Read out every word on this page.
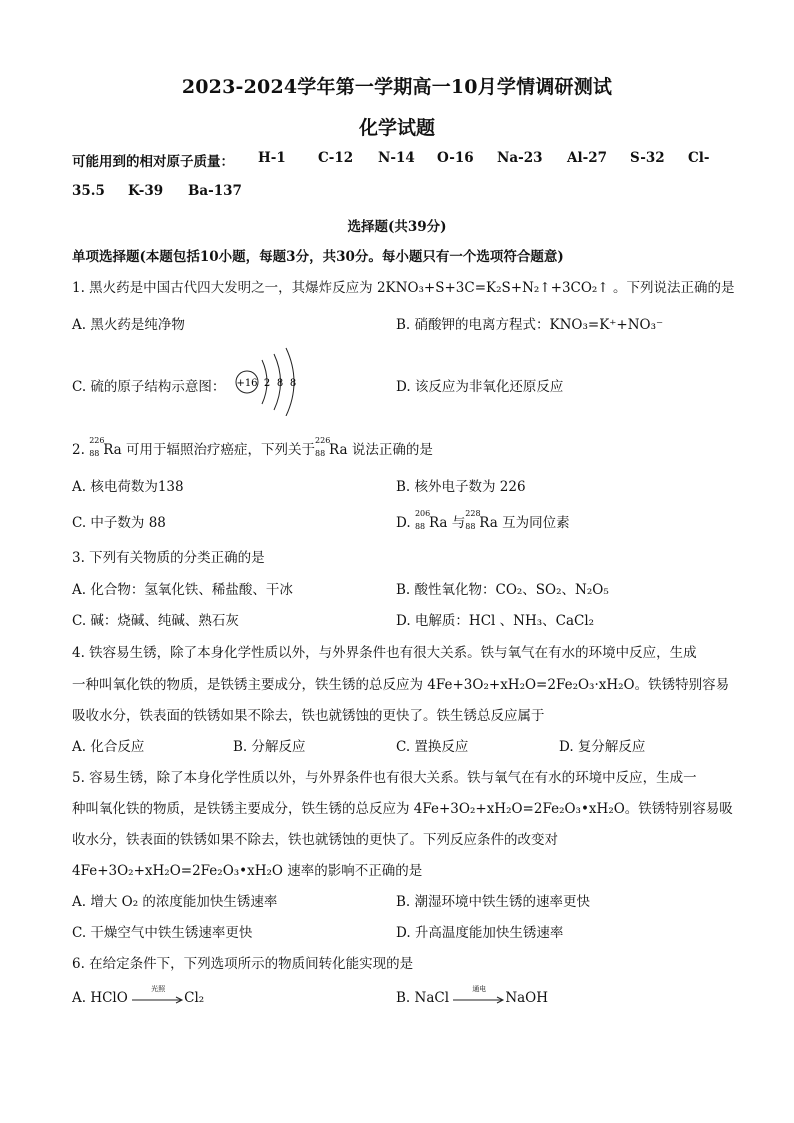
2023-2024学年第一学期高一10月学情调研测试
化学试题
可能用到的相对原子质量： H-1 C-12 N-14 O-16 Na-23 Al-27 S-32 Cl-
35.5 K-39 Ba-137
选择题(共39分)
单项选择题(本题包括10小题，每题3分，共30分。每小题只有一个选项符合题意)
1. 黑火药是中国古代四大发明之一，其爆炸反应为 2KNO₃+S+3C=K₂S+N₂↑+3CO₂↑ 。下列说法正确的是
A. 黑火药是纯净物	B. 硝酸钾的电离方程式：KNO₃=K⁺+NO₃⁻
C. 硫的原子结构示意图： +16 2 8 8	D. 该反应为非氧化还原反应
2.
226
88 Ra 可用于辐照治疗癌症，下列关于
226
88 Ra 说法正确的是
A. 核电荷数为138	B. 核外电子数为 226
C. 中子数为 88	D.
206
88 Ra 与
228
88 Ra 互为同位素
3. 下列有关物质的分类正确的是
A. 化合物：氢氧化铁、稀盐酸、干冰	B. 酸性氧化物：CO₂、SO₂、N₂O₅
C. 碱：烧碱、纯碱、熟石灰	D. 电解质：HCl 、NH₃、CaCl₂
4. 铁容易生锈，除了本身化学性质以外，与外界条件也有很大关系。铁与氧气在有水的环境中反应，生成
一种叫氧化铁的物质，是铁锈主要成分，铁生锈的总反应为 4Fe+3O₂+xH₂O=2Fe₂O₃·xH₂O。铁锈特别容易
吸收水分，铁表面的铁锈如果不除去，铁也就锈蚀的更快了。铁生锈总反应属于
A. 化合反应	B. 分解反应	C. 置换反应	D. 复分解反应
5. 容易生锈，除了本身化学性质以外，与外界条件也有很大关系。铁与氧气在有水的环境中反应，生成一
种叫氧化铁的物质，是铁锈主要成分，铁生锈的总反应为 4Fe+3O₂+xH₂O=2Fe₂O₃•xH₂O。铁锈特别容易吸
收水分，铁表面的铁锈如果不除去，铁也就锈蚀的更快了。下列反应条件的改变对
4Fe+3O₂+xH₂O=2Fe₂O₃•xH₂O 速率的影响不正确的是
A. 增大 O₂ 的浓度能加快生锈速率	B. 潮湿环境中铁生锈的速率更快
C. 干燥空气中铁生锈速率更快	D. 升高温度能加快生锈速率
6. 在给定条件下，下列选项所示的物质间转化能实现的是
A. HClO
光照
Cl₂	B. NaCl
通电
NaOH
